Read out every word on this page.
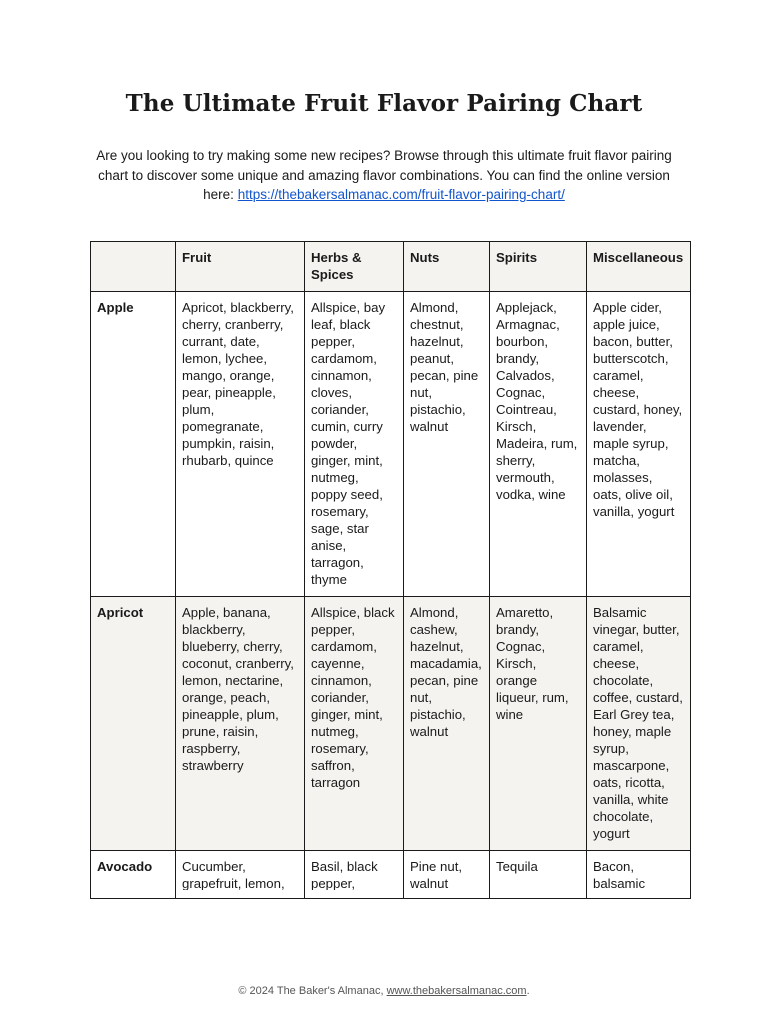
The Ultimate Fruit Flavor Pairing Chart
Are you looking to try making some new recipes? Browse through this ultimate fruit flavor pairing chart to discover some unique and amazing flavor combinations. You can find the online version here: https://thebakersalmanac.com/fruit-flavor-pairing-chart/
	Fruit	Herbs & Spices	Nuts	Spirits	Miscellaneous
Apple	Apricot, blackberry, cherry, cranberry, currant, date, lemon, lychee, mango, orange, pear, pineapple, plum, pomegranate, pumpkin, raisin, rhubarb, quince	Allspice, bay leaf, black pepper, cardamom, cinnamon, cloves, coriander, cumin, curry powder, ginger, mint, nutmeg, poppy seed, rosemary, sage, star anise, tarragon, thyme	Almond, chestnut, hazelnut, peanut, pecan, pine nut, pistachio, walnut	Applejack, Armagnac, bourbon, brandy, Calvados, Cognac, Cointreau, Kirsch, Madeira, rum, sherry, vermouth, vodka, wine	Apple cider, apple juice, bacon, butter, butterscotch, caramel, cheese, custard, honey, lavender, maple syrup, matcha, molasses, oats, olive oil, vanilla, yogurt
Apricot	Apple, banana, blackberry, blueberry, cherry, coconut, cranberry, lemon, nectarine, orange, peach, pineapple, plum, prune, raisin, raspberry, strawberry	Allspice, black pepper, cardamom, cayenne, cinnamon, coriander, ginger, mint, nutmeg, rosemary, saffron, tarragon	Almond, cashew, hazelnut, macadamia, pecan, pine nut, pistachio, walnut	Amaretto, brandy, Cognac, Kirsch, orange liqueur, rum, wine	Balsamic vinegar, butter, caramel, cheese, chocolate, coffee, custard, Earl Grey tea, honey, maple syrup, mascarpone, oats, ricotta, vanilla, white chocolate, yogurt

Avocado	Cucumber, grapefruit, lemon,	Basil, black pepper,	Pine nut, walnut	Tequila	Bacon, balsamic
© 2024 The Baker's Almanac, www.thebakersalmanac.com.
